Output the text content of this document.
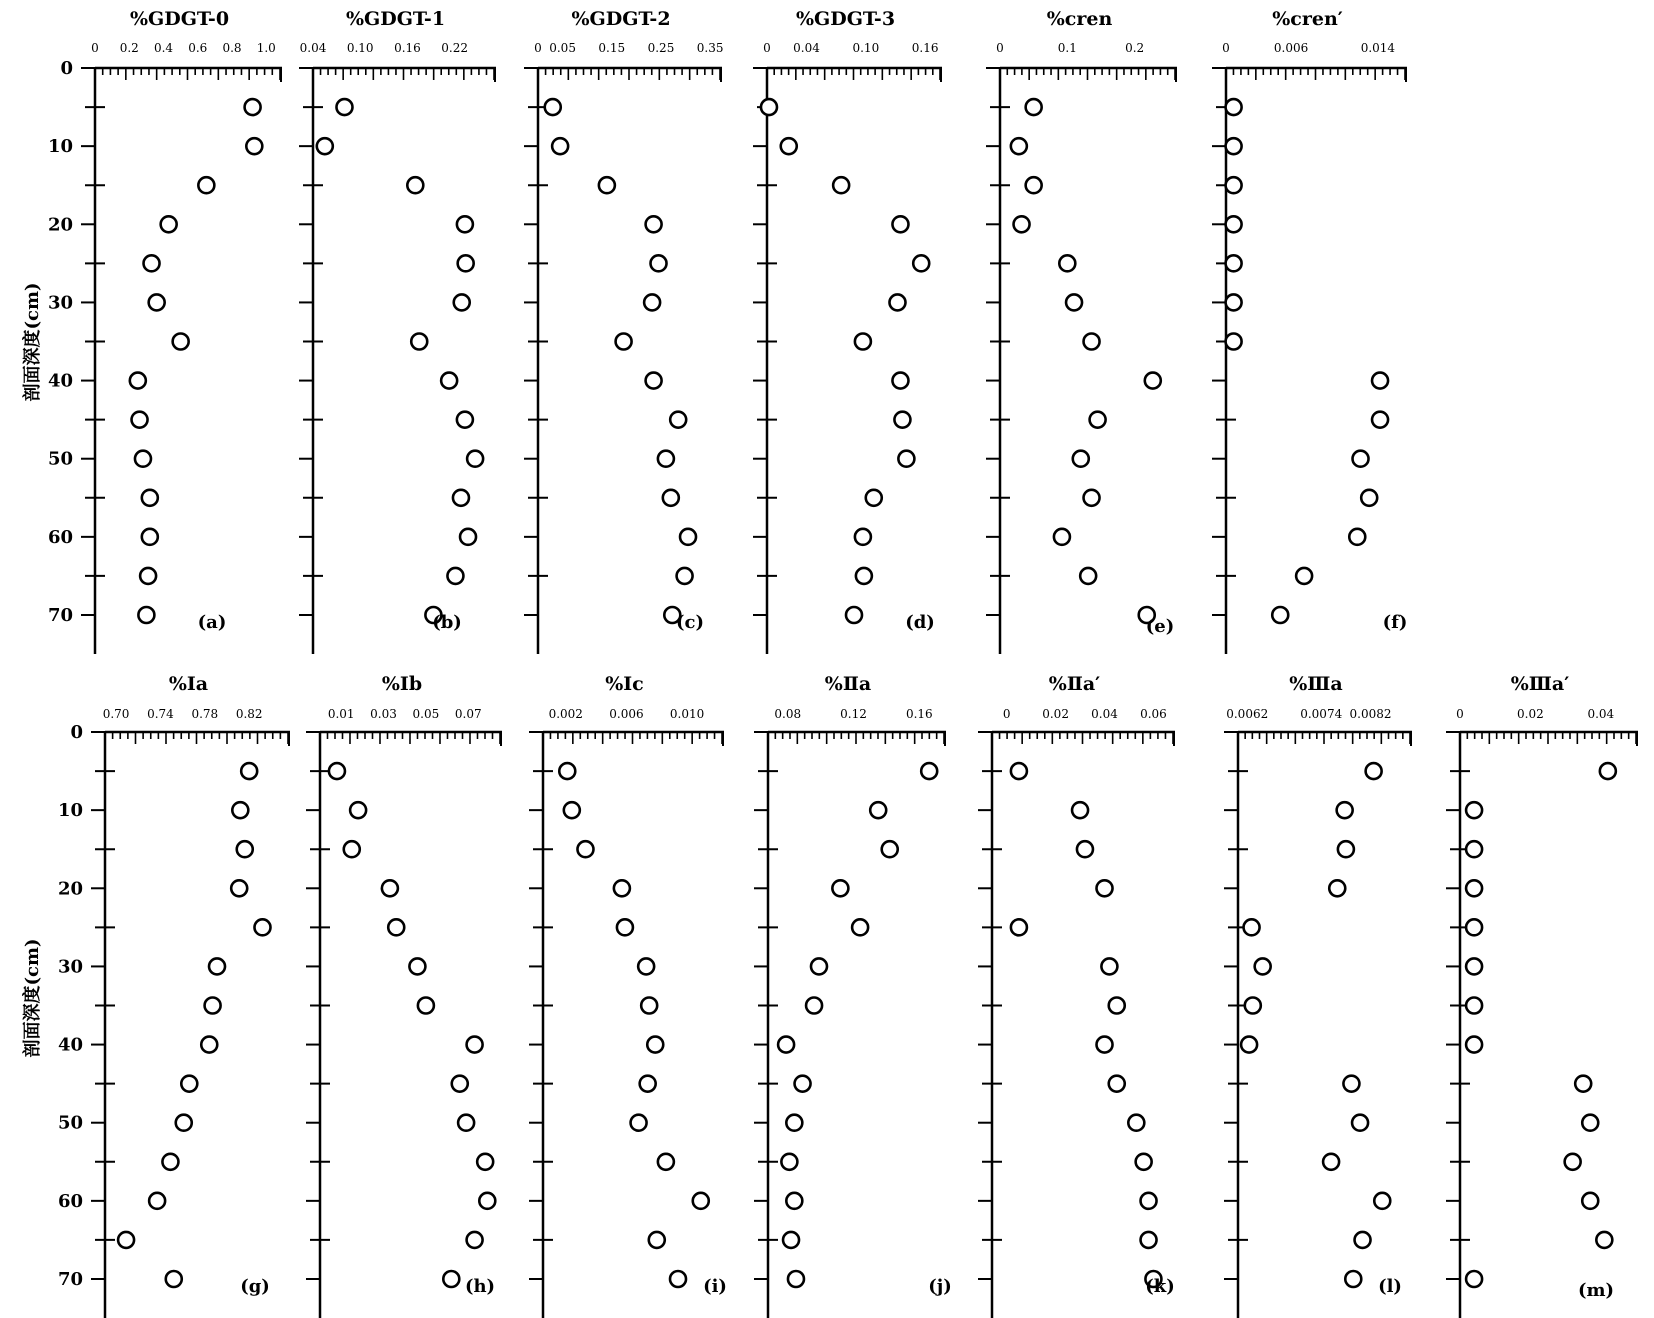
剖面深度(cm)
剖面深度(cm)
%GDGT-0
0 0.2 0.4 0.6 0.8 1.0
0
10
20
30
40
50
60
70	(a)
%GDGT-1
0.04 0.10 0.16 0.22
(b)
%GDGT-2
0 0.05 0.15 0.25 0.35
(c)
%GDGT-3
0 0.04	0.10	0.16
(d)
%cren
0	0.1	0.2
(e)
%cren′
0	0.006	0.014
(f)
%Ⅰa
0.70 0.74 0.78 0.82
0
10
20
30
40
50
60
70	(g)
%Ⅰb
0.01 0.03 0.05 0.07
(h)
%Ⅰc
0.002 0.006 0.010
(i)
%Ⅱa
0.08	0.12	0.16
(j)
%Ⅱa′
0	0.02 0.04 0.06
(k)
%Ⅲa
0.0062	0.0074 0.0082
(l)
%Ⅲa′
0	0.02	0.04
(m)
